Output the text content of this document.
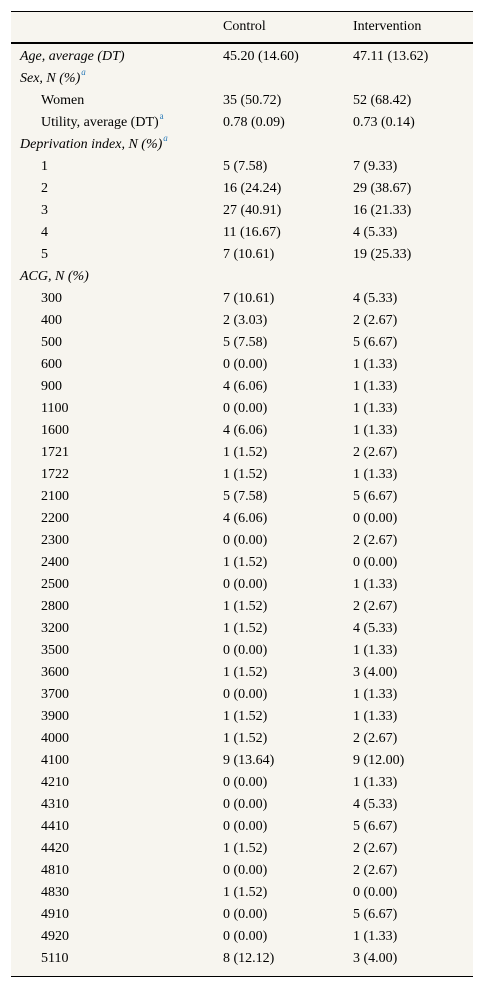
Control	Intervention
Age, average (DT)	45.20 (14.60)	47.11 (13.62)
Sex, N (%)$^a$
Women	35 (50.72)	52 (68.42)
Utility, average (DT)$^a$	0.78 (0.09)	0.73 (0.14)
Deprivation index, N (%)$^a$
1	5 (7.58)	7 (9.33)
2	16 (24.24)	29 (38.67)
3	27 (40.91)	16 (21.33)
4	11 (16.67)	4 (5.33)
5	7 (10.61)	19 (25.33)
ACG, N (%)
300	7 (10.61)	4 (5.33)
400	2 (3.03)	2 (2.67)
500	5 (7.58)	5 (6.67)
600	0 (0.00)	1 (1.33)
900	4 (6.06)	1 (1.33)
1100	0 (0.00)	1 (1.33)
1600	4 (6.06)	1 (1.33)
1721	1 (1.52)	2 (2.67)
1722	1 (1.52)	1 (1.33)
2100	5 (7.58)	5 (6.67)
2200	4 (6.06)	0 (0.00)
2300	0 (0.00)	2 (2.67)
2400	1 (1.52)	0 (0.00)
2500	0 (0.00)	1 (1.33)
2800	1 (1.52)	2 (2.67)
3200	1 (1.52)	4 (5.33)
3500	0 (0.00)	1 (1.33)
3600	1 (1.52)	3 (4.00)
3700	0 (0.00)	1 (1.33)
3900	1 (1.52)	1 (1.33)
4000	1 (1.52)	2 (2.67)
4100	9 (13.64)	9 (12.00)
4210	0 (0.00)	1 (1.33)
4310	0 (0.00)	4 (5.33)
4410	0 (0.00)	5 (6.67)
4420	1 (1.52)	2 (2.67)
4810	0 (0.00)	2 (2.67)
4830	1 (1.52)	0 (0.00)
4910	0 (0.00)	5 (6.67)
4920	0 (0.00)	1 (1.33)
5110	8 (12.12)	3 (4.00)
